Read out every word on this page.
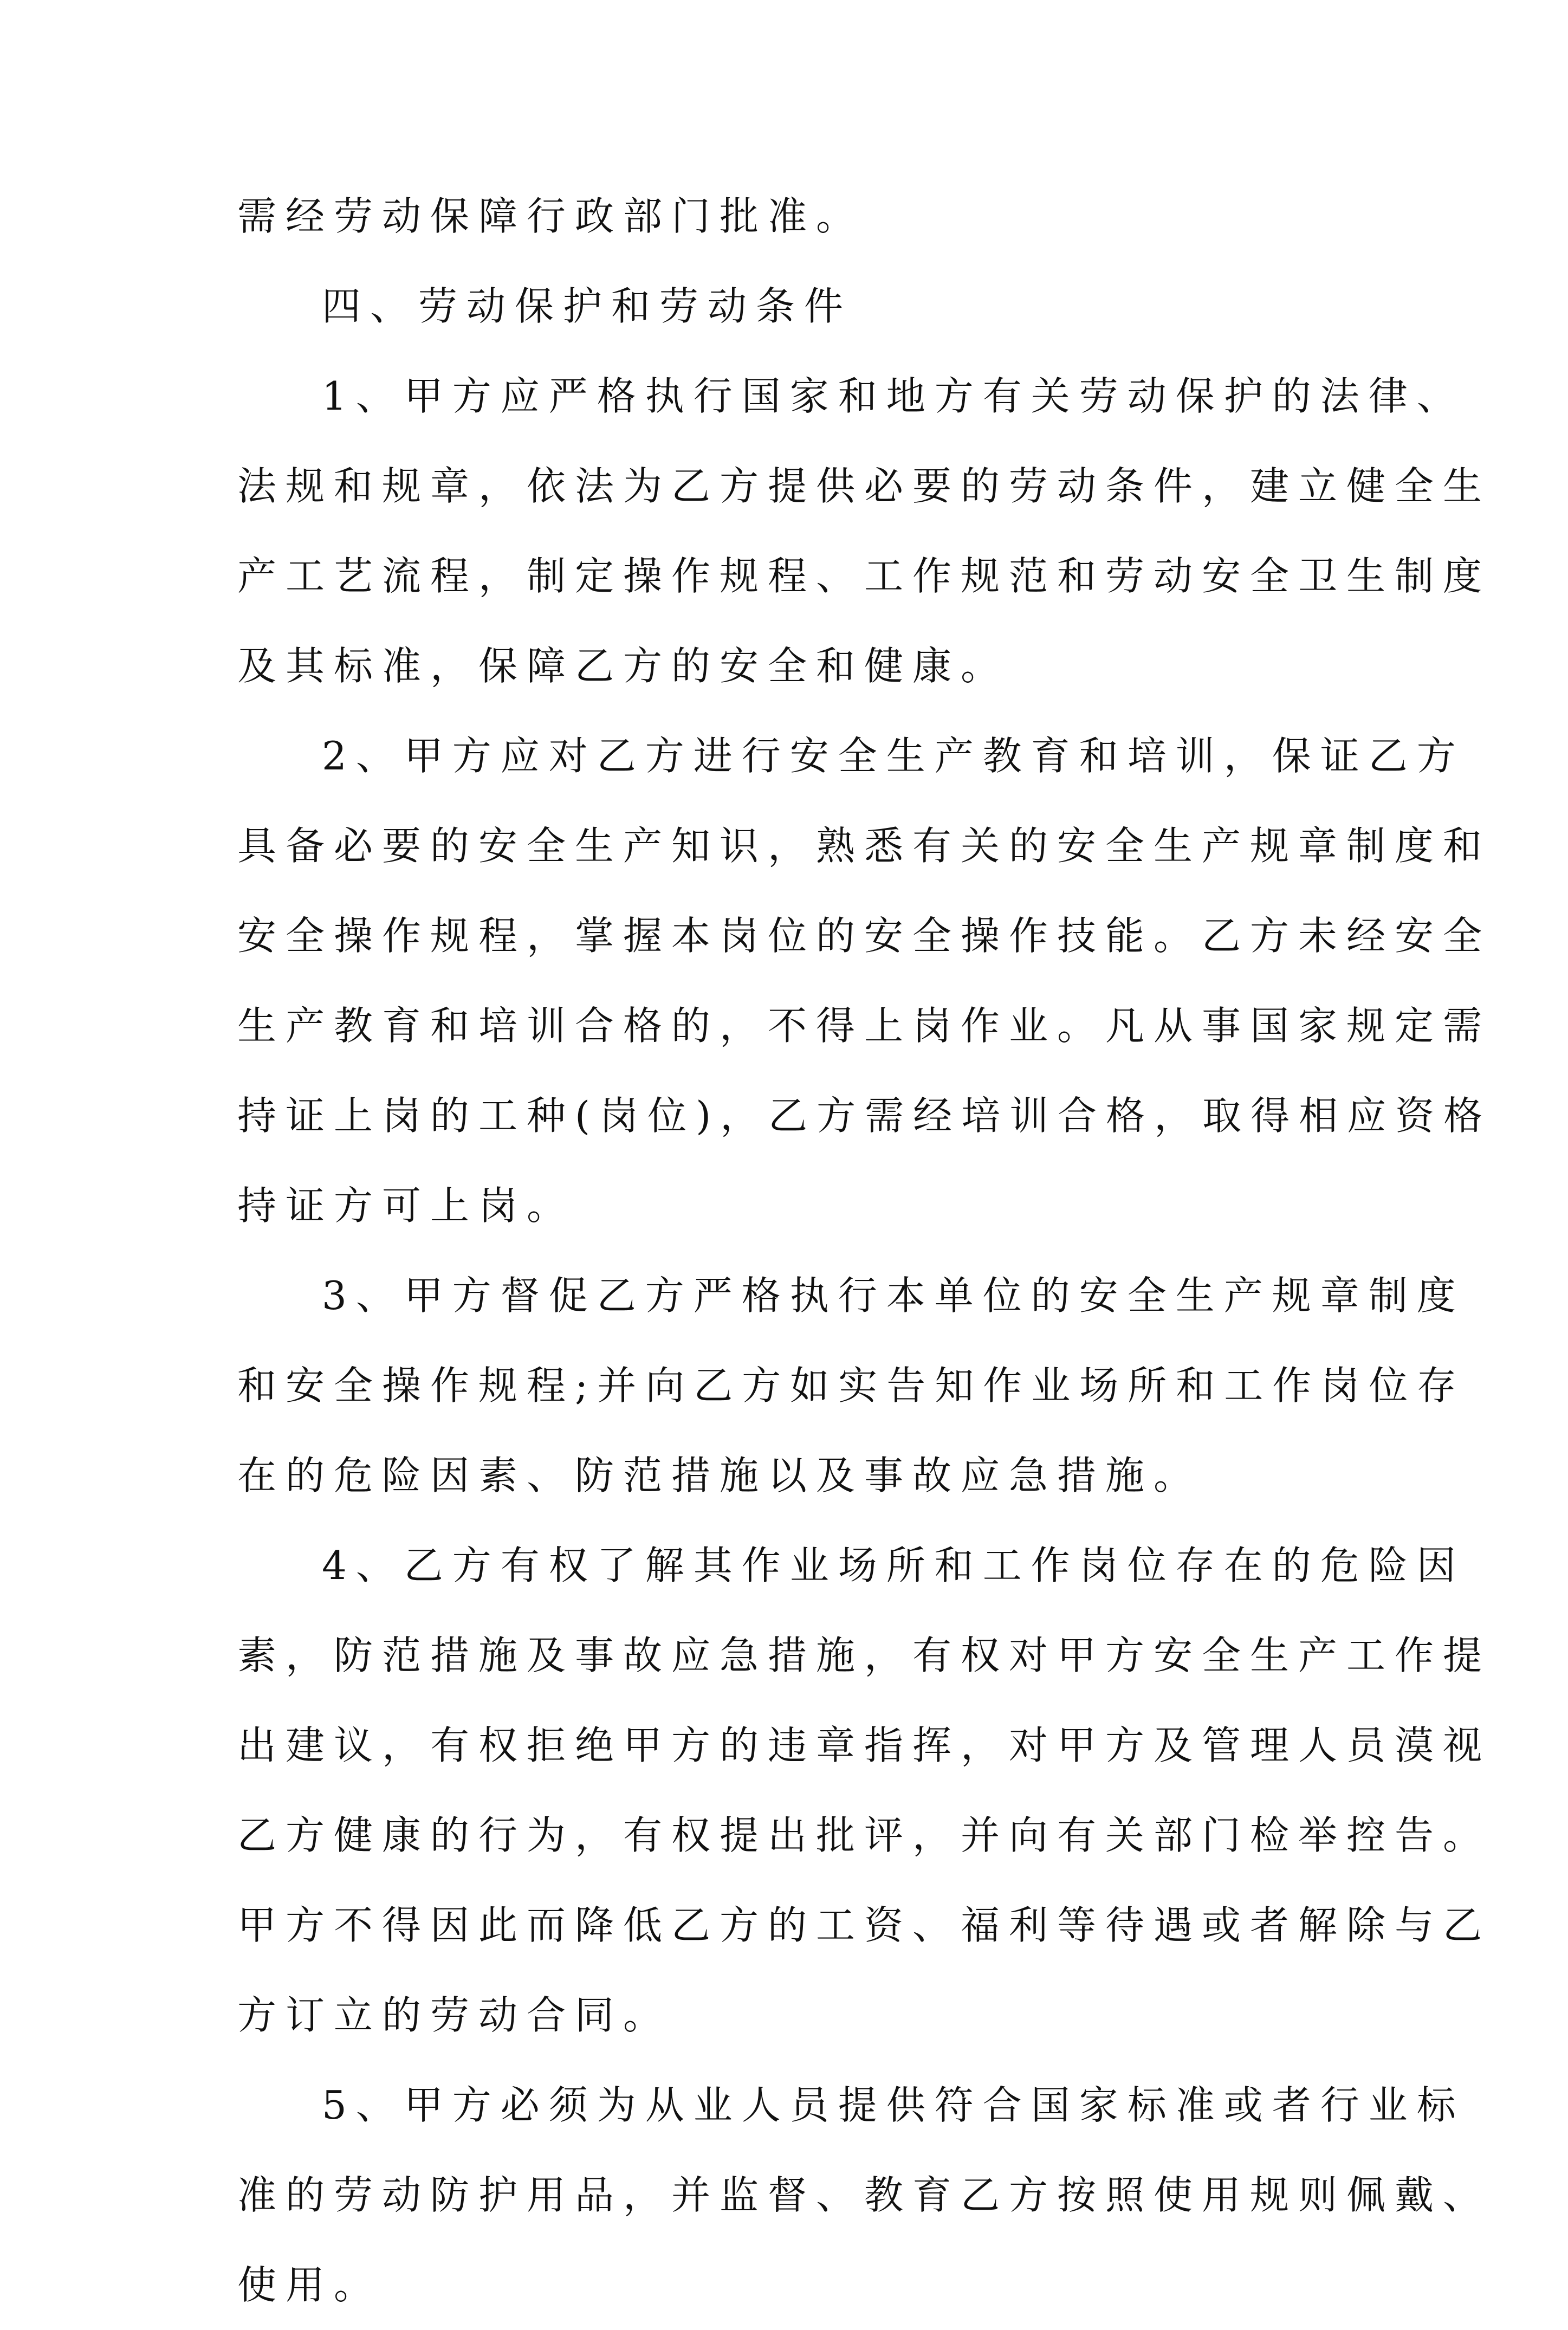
需经劳动保障行政部门批准。
四、劳动保护和劳动条件
1、甲方应严格执行国家和地方有关劳动保护的法律、
法规和规章，依法为乙方提供必要的劳动条件，建立健全生
产工艺流程，制定操作规程、工作规范和劳动安全卫生制度
及其标准，保障乙方的安全和健康。
2、甲方应对乙方进行安全生产教育和培训，保证乙方
具备必要的安全生产知识，熟悉有关的安全生产规章制度和
安全操作规程，掌握本岗位的安全操作技能。乙方未经安全
生产教育和培训合格的，不得上岗作业。凡从事国家规定需
持证上岗的工种(岗位)，乙方需经培训合格，取得相应资格
持证方可上岗。
3、甲方督促乙方严格执行本单位的安全生产规章制度
和安全操作规程;并向乙方如实告知作业场所和工作岗位存
在的危险因素、防范措施以及事故应急措施。
4、乙方有权了解其作业场所和工作岗位存在的危险因
素，防范措施及事故应急措施，有权对甲方安全生产工作提
出建议，有权拒绝甲方的违章指挥，对甲方及管理人员漠视
乙方健康的行为，有权提出批评，并向有关部门检举控告。
甲方不得因此而降低乙方的工资、福利等待遇或者解除与乙
方订立的劳动合同。
5、甲方必须为从业人员提供符合国家标准或者行业标
准的劳动防护用品，并监督、教育乙方按照使用规则佩戴、
使用。
